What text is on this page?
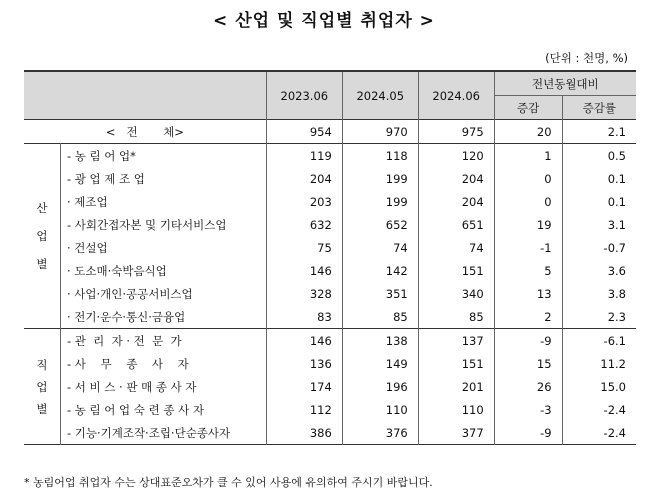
< 산업 및 직업별 취업자 >
(단위 : 천명, %)
		2023.06	2024.05	2024.06	전년동월대비	
					증감	증감률
<   전       체>		954	970	975	20	2.1
산

업

별	- 농 림 어 업*	119	118	120	1	0.5
	- 광 업 제 조 업	204	199	204	0	0.1
	· 제조업	203	199	204	0	0.1
	- 사회간접자본 및 기타서비스업	632	652	651	19	3.1
	· 건설업	75	74	74	-1	-0.7
	· 도소매·숙박음식업	146	142	151	5	3.6
	· 사업·개인·공공서비스업	328	351	340	13	3.8
	· 전기·운수·통신·금융업	83	85	85	2	2.3
직
업
별	- 관  리  자 · 전  문  가	146	138	137	-9	-6.1
	- 사    무    종    사    자	136	149	151	15	11.2
	- 서 비 스 · 판 매 종 사 자	174	196	201	26	15.0
	- 농 림 어 업 숙 련 종 사 자	112	110	110	-3	-2.4
	- 기능·기계조작·조립·단순종사자	386	376	377	-9	-2.4
* 농림어업 취업자 수는 상대표준오차가 클 수 있어 사용에 유의하여 주시기 바랍니다.
